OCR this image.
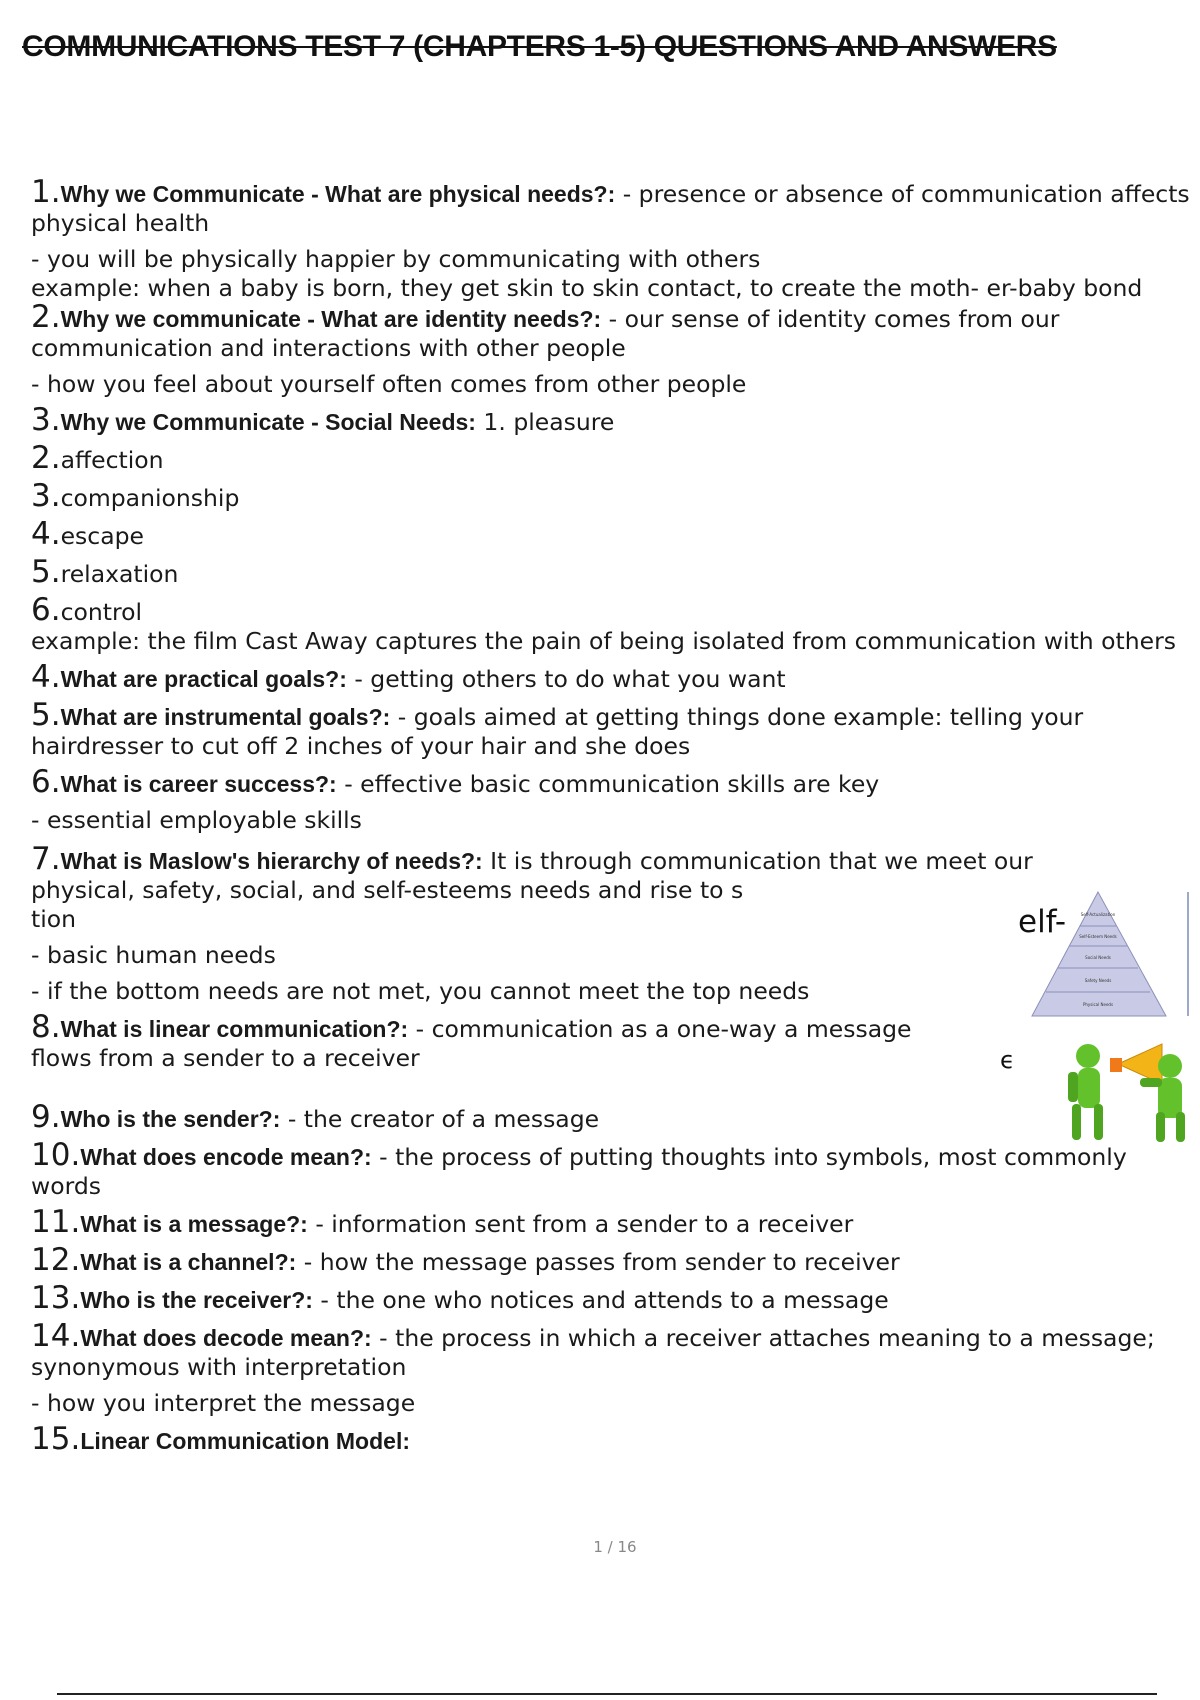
COMMUNICATIONS TEST 7 (CHAPTERS 1-5) QUESTIONS AND ANSWERS

1.Why we Communicate - What are physical needs?: - presence or absence of communication affects physical health

- you will be physically happier by communicating with others

example: when a baby is born, they get skin to skin contact, to create the moth- er-baby bond

2.Why we communicate - What are identity needs?: - our sense of identity comes from our communication and interactions with other people

- how you feel about yourself often comes from other people

3.Why we Communicate - Social Needs: 1. pleasure

2.affection

3.companionship

4.escape

5.relaxation

6.control

example: the film Cast Away captures the pain of being isolated from communication with others

4.What are practical goals?: - getting others to do what you want

5.What are instrumental goals?: - goals aimed at getting things done example: telling your hairdresser to cut off 2 inches of your hair and she does

6.What is career success?: - effective basic communication skills are key

- essential employable skills

7.What is Maslow's hierarchy of needs?: It is through communication that we meet our physical, safety, social, and self-esteems needs and rise to s

tion

- basic human needs

- if the bottom needs are not met, you cannot meet the top needs

8.What is linear communication?: - communication as a one-way a message

flows from a sender to a receiver

9.Who is the sender?: - the creator of a message

10.What does encode mean?: - the process of putting thoughts into symbols, most commonly words

11.What is a message?: - information sent from a sender to a receiver

12.What is a channel?: - how the message passes from sender to receiver

13.Who is the receiver?: - the one who notices and attends to a message

14.What does decode mean?: - the process in which a receiver attaches meaning to a message; synonymous with interpretation

- how you interpret the message

15.Linear Communication Model:

elf-
ϵ
Self-Actualization
Self-Esteem Needs
Social Needs
Safety Needs
Physical Needs
1 / 16
